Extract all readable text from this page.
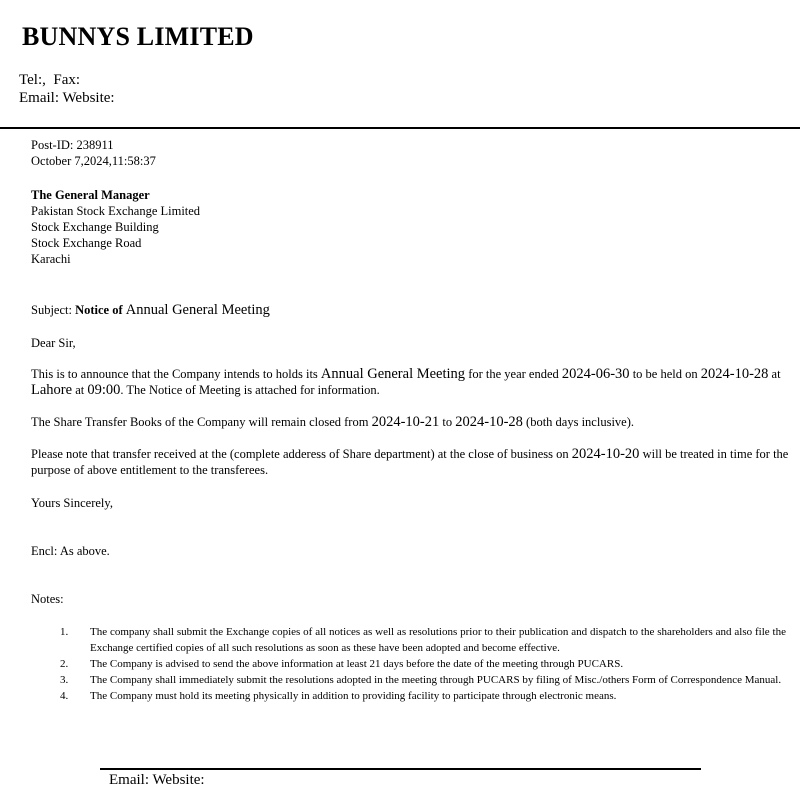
BUNNYS LIMITED
Tel:,  Fax:
Email: Website:
Post-ID: 238911
October 7,2024,11:58:37
The General Manager
Pakistan Stock Exchange Limited
Stock Exchange Building
Stock Exchange Road
Karachi
Subject: Notice of Annual General Meeting
Dear Sir,
This is to announce that the Company intends to holds its Annual General Meeting for the year ended 2024-06-30 to be held on 2024-10-28 at Lahore at 09:00. The Notice of Meeting is attached for information.
The Share Transfer Books of the Company will remain closed from 2024-10-21 to 2024-10-28 (both days inclusive).
Please note that transfer received at the (complete adderess of Share department) at the close of business on 2024-10-20 will be treated in time for the purpose of above entitlement to the transferees.
Yours Sincerely,
Encl: As above.
Notes:
1. The company shall submit the Exchange copies of all notices as well as resolutions prior to their publication and dispatch to the shareholders and also file the Exchange certified copies of all such resolutions as soon as these have been adopted and become effective.
2. The Company is advised to send the above information at least 21 days before the date of the meeting through PUCARS.
3. The Company shall immediately submit the resolutions adopted in the meeting through PUCARS by filing of Misc./others Form of Correspondence Manual.
4. The Company must hold its meeting physically in addition to providing facility to participate through electronic means.
Email: Website:
